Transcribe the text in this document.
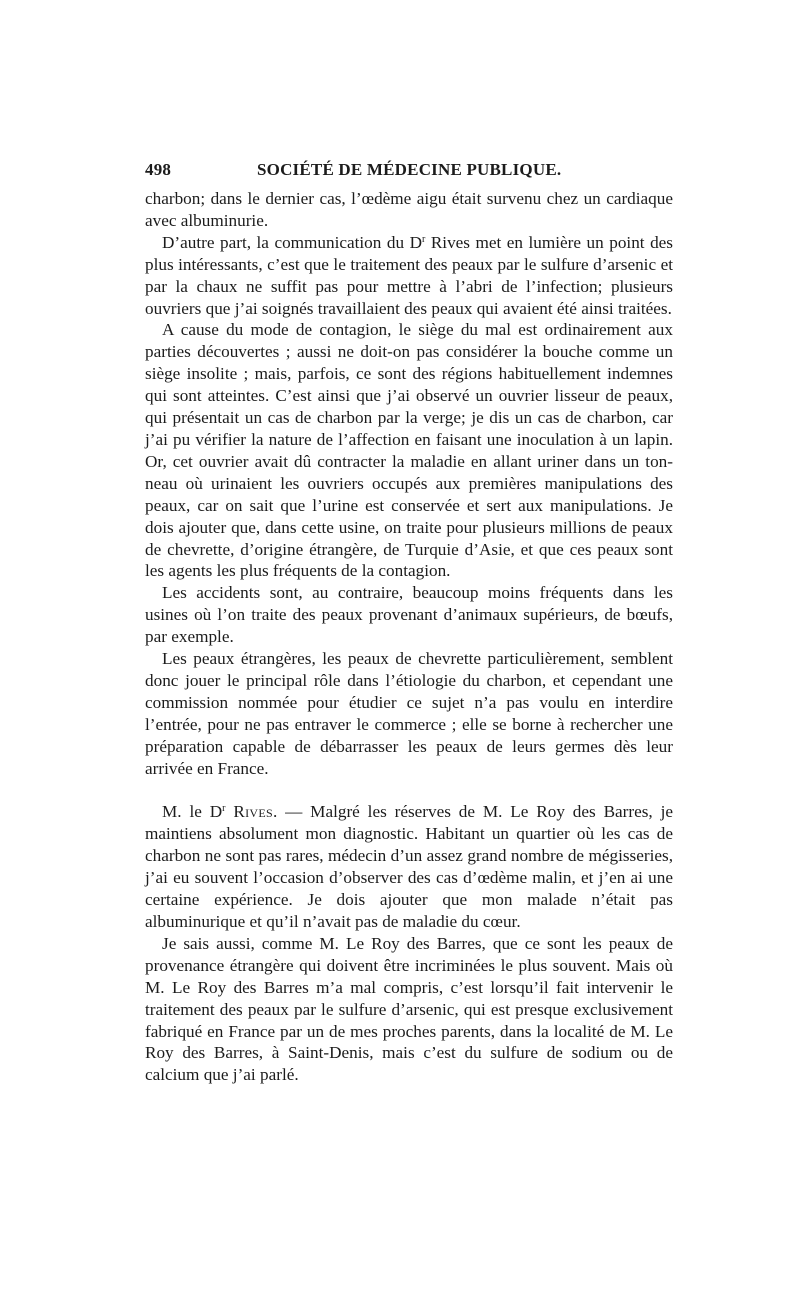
498	SOCIÉTÉ DE MÉDECINE PUBLIQUE.

charbon; dans le dernier cas, l’œdème aigu était survenu chez un cardiaque avec albuminurie.

D’autre part, la communication du $D^r$ Rives met en lumière un point des plus intéressants, c’est que le traitement des peaux par le sulfure d’arsenic et par la chaux ne suffit pas pour mettre à l’abri de l’infection; plusieurs ouvriers que j’ai soignés travaillaient des peaux qui avaient été ainsi traitées.

A cause du mode de contagion, le siège du mal est ordinairement aux parties découvertes ; aussi ne doit-on pas considérer la bouche comme un siège insolite ; mais, parfois, ce sont des régions habituellement indemnes qui sont atteintes. C’est ainsi que j’ai observé un ouvrier lisseur de peaux, qui présentait un cas de charbon par la verge; je dis un cas de charbon, car j’ai pu vérifier la nature de l’affection en faisant une inoculation à un lapin. Or, cet ouvrier avait dû contracter la maladie en allant uriner dans un tonneau où urinaient les ouvriers occupés aux premières manipulations des peaux, car on sait que l’urine est conservée et sert aux manipulations. Je dois ajouter que, dans cette usine, on traite pour plusieurs millions de peaux de chevrette, d’origine étrangère, de Turquie d’Asie, et que ces peaux sont les agents les plus fréquents de la contagion.

Les accidents sont, au contraire, beaucoup moins fréquents dans les usines où l’on traite des peaux provenant d’animaux supérieurs, de bœufs, par exemple.

Les peaux étrangères, les peaux de chevrette particulièrement, semblent donc jouer le principal rôle dans l’étiologie du charbon, et cependant une commission nommée pour étudier ce sujet n’a pas voulu en interdire l’entrée, pour ne pas entraver le commerce ; elle se borne à rechercher une préparation capable de débarrasser les peaux de leurs germes dès leur arrivée en France.

M. le $D^r$ Rives. — Malgré les réserves de M. Le Roy des Barres, je maintiens absolument mon diagnostic. Habitant un quartier où les cas de charbon ne sont pas rares, médecin d’un assez grand nombre de mégisseries, j’ai eu souvent l’occasion d’observer des cas d’œdème malin, et j’en ai une certaine expérience. Je dois ajouter que mon malade n’était pas albuminurique et qu’il n’avait pas de maladie du cœur.

Je sais aussi, comme M. Le Roy des Barres, que ce sont les peaux de provenance étrangère qui doivent être incriminées le plus souvent. Mais où M. Le Roy des Barres m’a mal compris, c’est lorsqu’il fait intervenir le traitement des peaux par le sulfure d’arsenic, qui est presque exclusivement fabriqué en France par un de mes proches parents, dans la localité de M. Le Roy des Barres, à Saint-Denis, mais c’est du sulfure de sodium ou de calcium que j’ai parlé.
